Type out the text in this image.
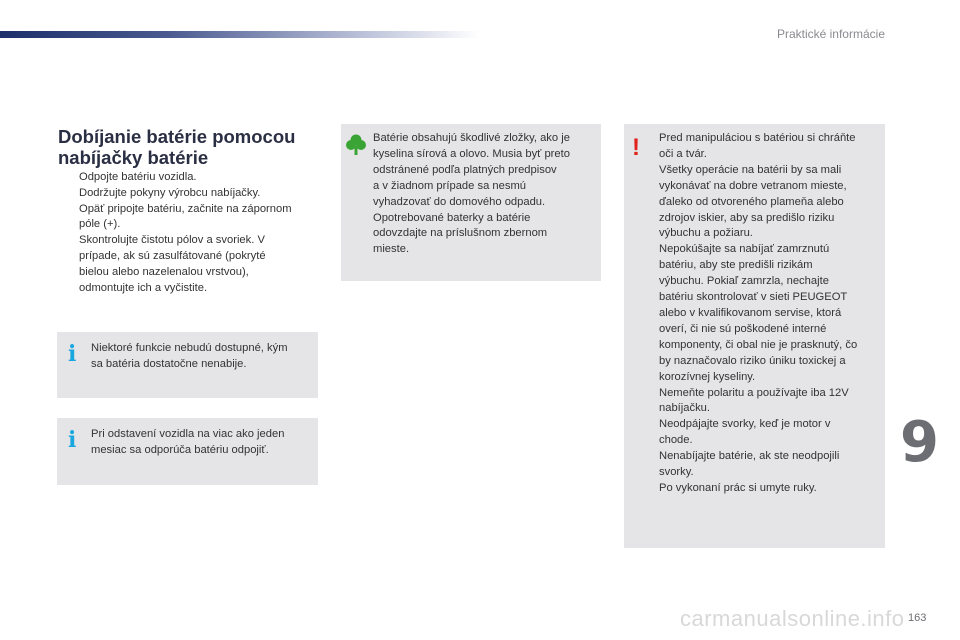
Praktické informácie
Dobíjanie batérie pomocou
nabíjačky batérie
Odpojte batériu vozidla.
Dodržujte pokyny výrobcu nabíjačky.
Opäť pripojte batériu, začnite na zápornom
póle (+).
Skontrolujte čistotu pólov a svoriek. V
prípade, ak sú zasulfátované (pokryté
bielou alebo nazelenalou vrstvou),
odmontujte ich a vyčistite.
i Niektoré funkcie nebudú dostupné, kým
sa batéria dostatočne nenabije.
i Pri odstavení vozidla na viac ako jeden
mesiac sa odporúča batériu odpojiť.
Batérie obsahujú škodlivé zložky, ako je
kyselina sírová a olovo. Musia byť preto
odstránené podľa platných predpisov
a v žiadnom prípade sa nesmú
vyhadzovať do domového odpadu.
Opotrebované baterky a batérie
odovzdajte na príslušnom zbernom
mieste.
! Pred manipuláciou s batériou si chráňte
oči a tvár.
Všetky operácie na batérii by sa mali
vykonávať na dobre vetranom mieste,
ďaleko od otvoreného plameňa alebo
zdrojov iskier, aby sa predišlo riziku
výbuchu a požiaru.
Nepokúšajte sa nabíjať zamrznutú
batériu, aby ste predišli rizikám
výbuchu. Pokiaľ zamrzla, nechajte
batériu skontrolovať v sieti PEUGEOT
alebo v kvalifikovanom servise, ktorá
overí, či nie sú poškodené interné
komponenty, či obal nie je prasknutý, čo
by naznačovalo riziko úniku toxickej a
korozívnej kyseliny.
Nemeňte polaritu a používajte iba 12V
nabíjačku.
Neodpájajte svorky, keď je motor v
chode.
Nenabíjajte batérie, ak ste neodpojili
svorky.
Po vykonaní prác si umyte ruky.
9
carmanualsonline.info 163
